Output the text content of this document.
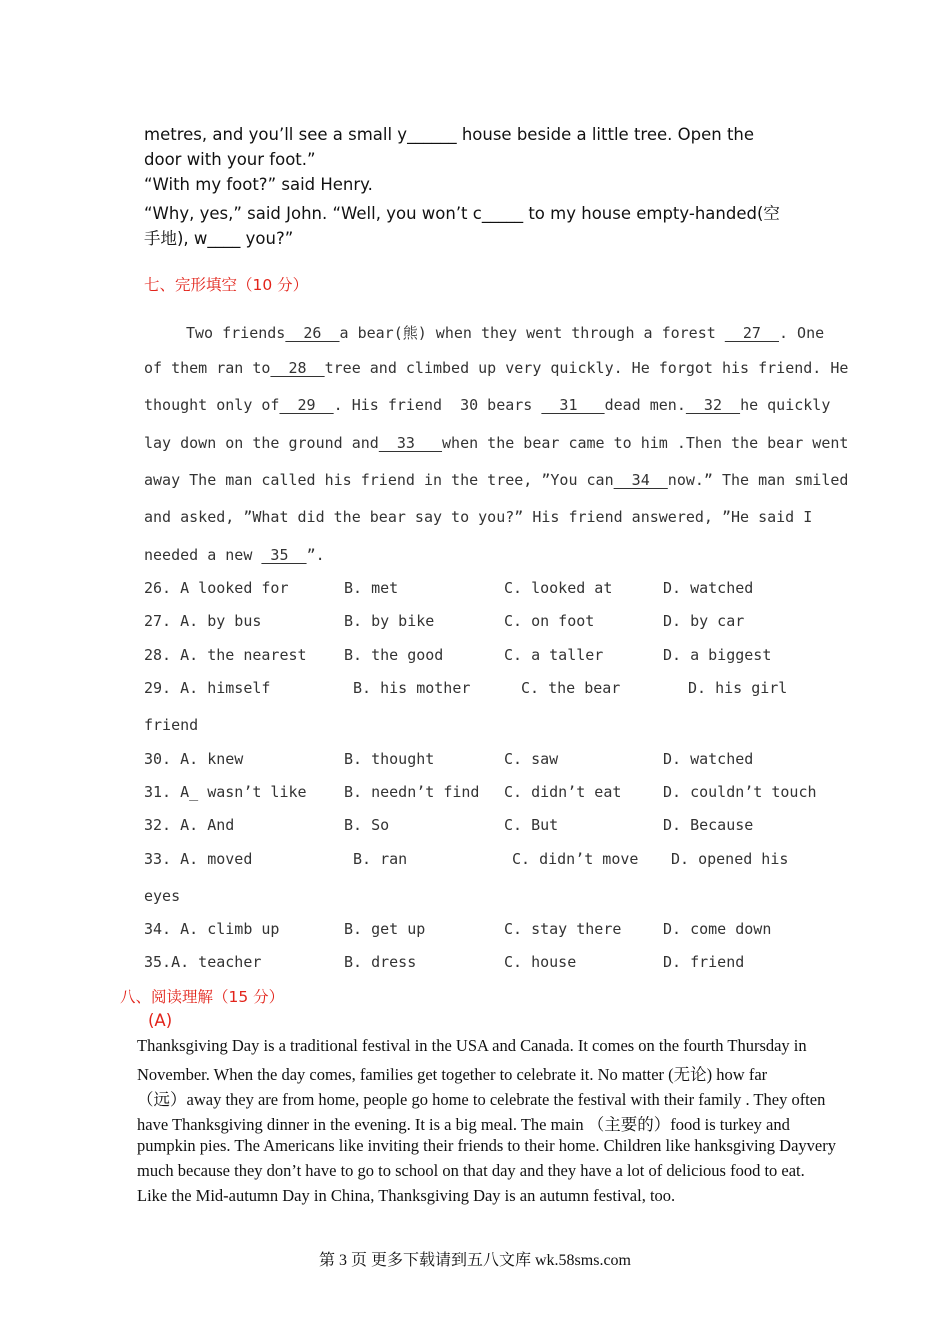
metres, and you’ll see a small y______ house beside a little tree. Open the
door with your foot.”
“With my foot?” said Henry.
“Why, yes,” said John. “Well, you won’t c_____ to my house empty-handed(空
手地), w____ you?”
七、完形填空（10 分）
Two friends  26  a bear(熊) when they went through a forest   27  . One
of them ran to  28  tree and climbed up very quickly. He forgot his friend. He
thought only of  29  . His friend  30 bears   31   dead men.  32  he quickly
lay down on the ground and  33   when the bear came to him .Then the bear went
away The man called his friend in the tree, ”You can  34  now.” The man smiled
and asked, ”What did the bear say to you?” His friend answered, ”He said I
needed a new  35  ”.
26. A looked for	B. met	C. looked at	D. watched
27. A. by bus	B. by bike	C. on foot	D. by car
28. A. the nearest B. the good	C. a taller	D. a biggest
29. A. himself	B. his mother	C. the bear	D. his girl
friend
30. A. knew	B. thought	C. saw	D. watched
31. A_ wasn’t like B. needn’t find C. didn’t eat	D. couldn’t touch
32. A. And	B. So	C. But	D. Because
33. A. moved	B. ran	C. didn’t move D. opened his
eyes
34. A. climb up	B. get up	C. stay there	D. come down
35.A. teacher	B. dress	C. house	D. friend
八、阅读理解（15 分）
(A)
Thanksgiving Day is a traditional festival in the USA and Canada. It comes on the fourth Thursday in
November. When the day comes, families get together to celebrate it. No matter (无论) how far
（远）away they are from home, people go home to celebrate the festival with their family . They often
have Thanksgiving dinner in the evening. It is a big meal. The main （主要的）food is turkey and
pumpkin pies. The Americans like inviting their friends to their home. Children like hanksgiving Dayvery
much because they don’t have to go to school on that day and they have a lot of delicious food to eat.
Like the Mid-autumn Day in China, Thanksgiving Day is an autumn festival, too.
第 3 页 更多下载请到五八文库 wk.58sms.com
